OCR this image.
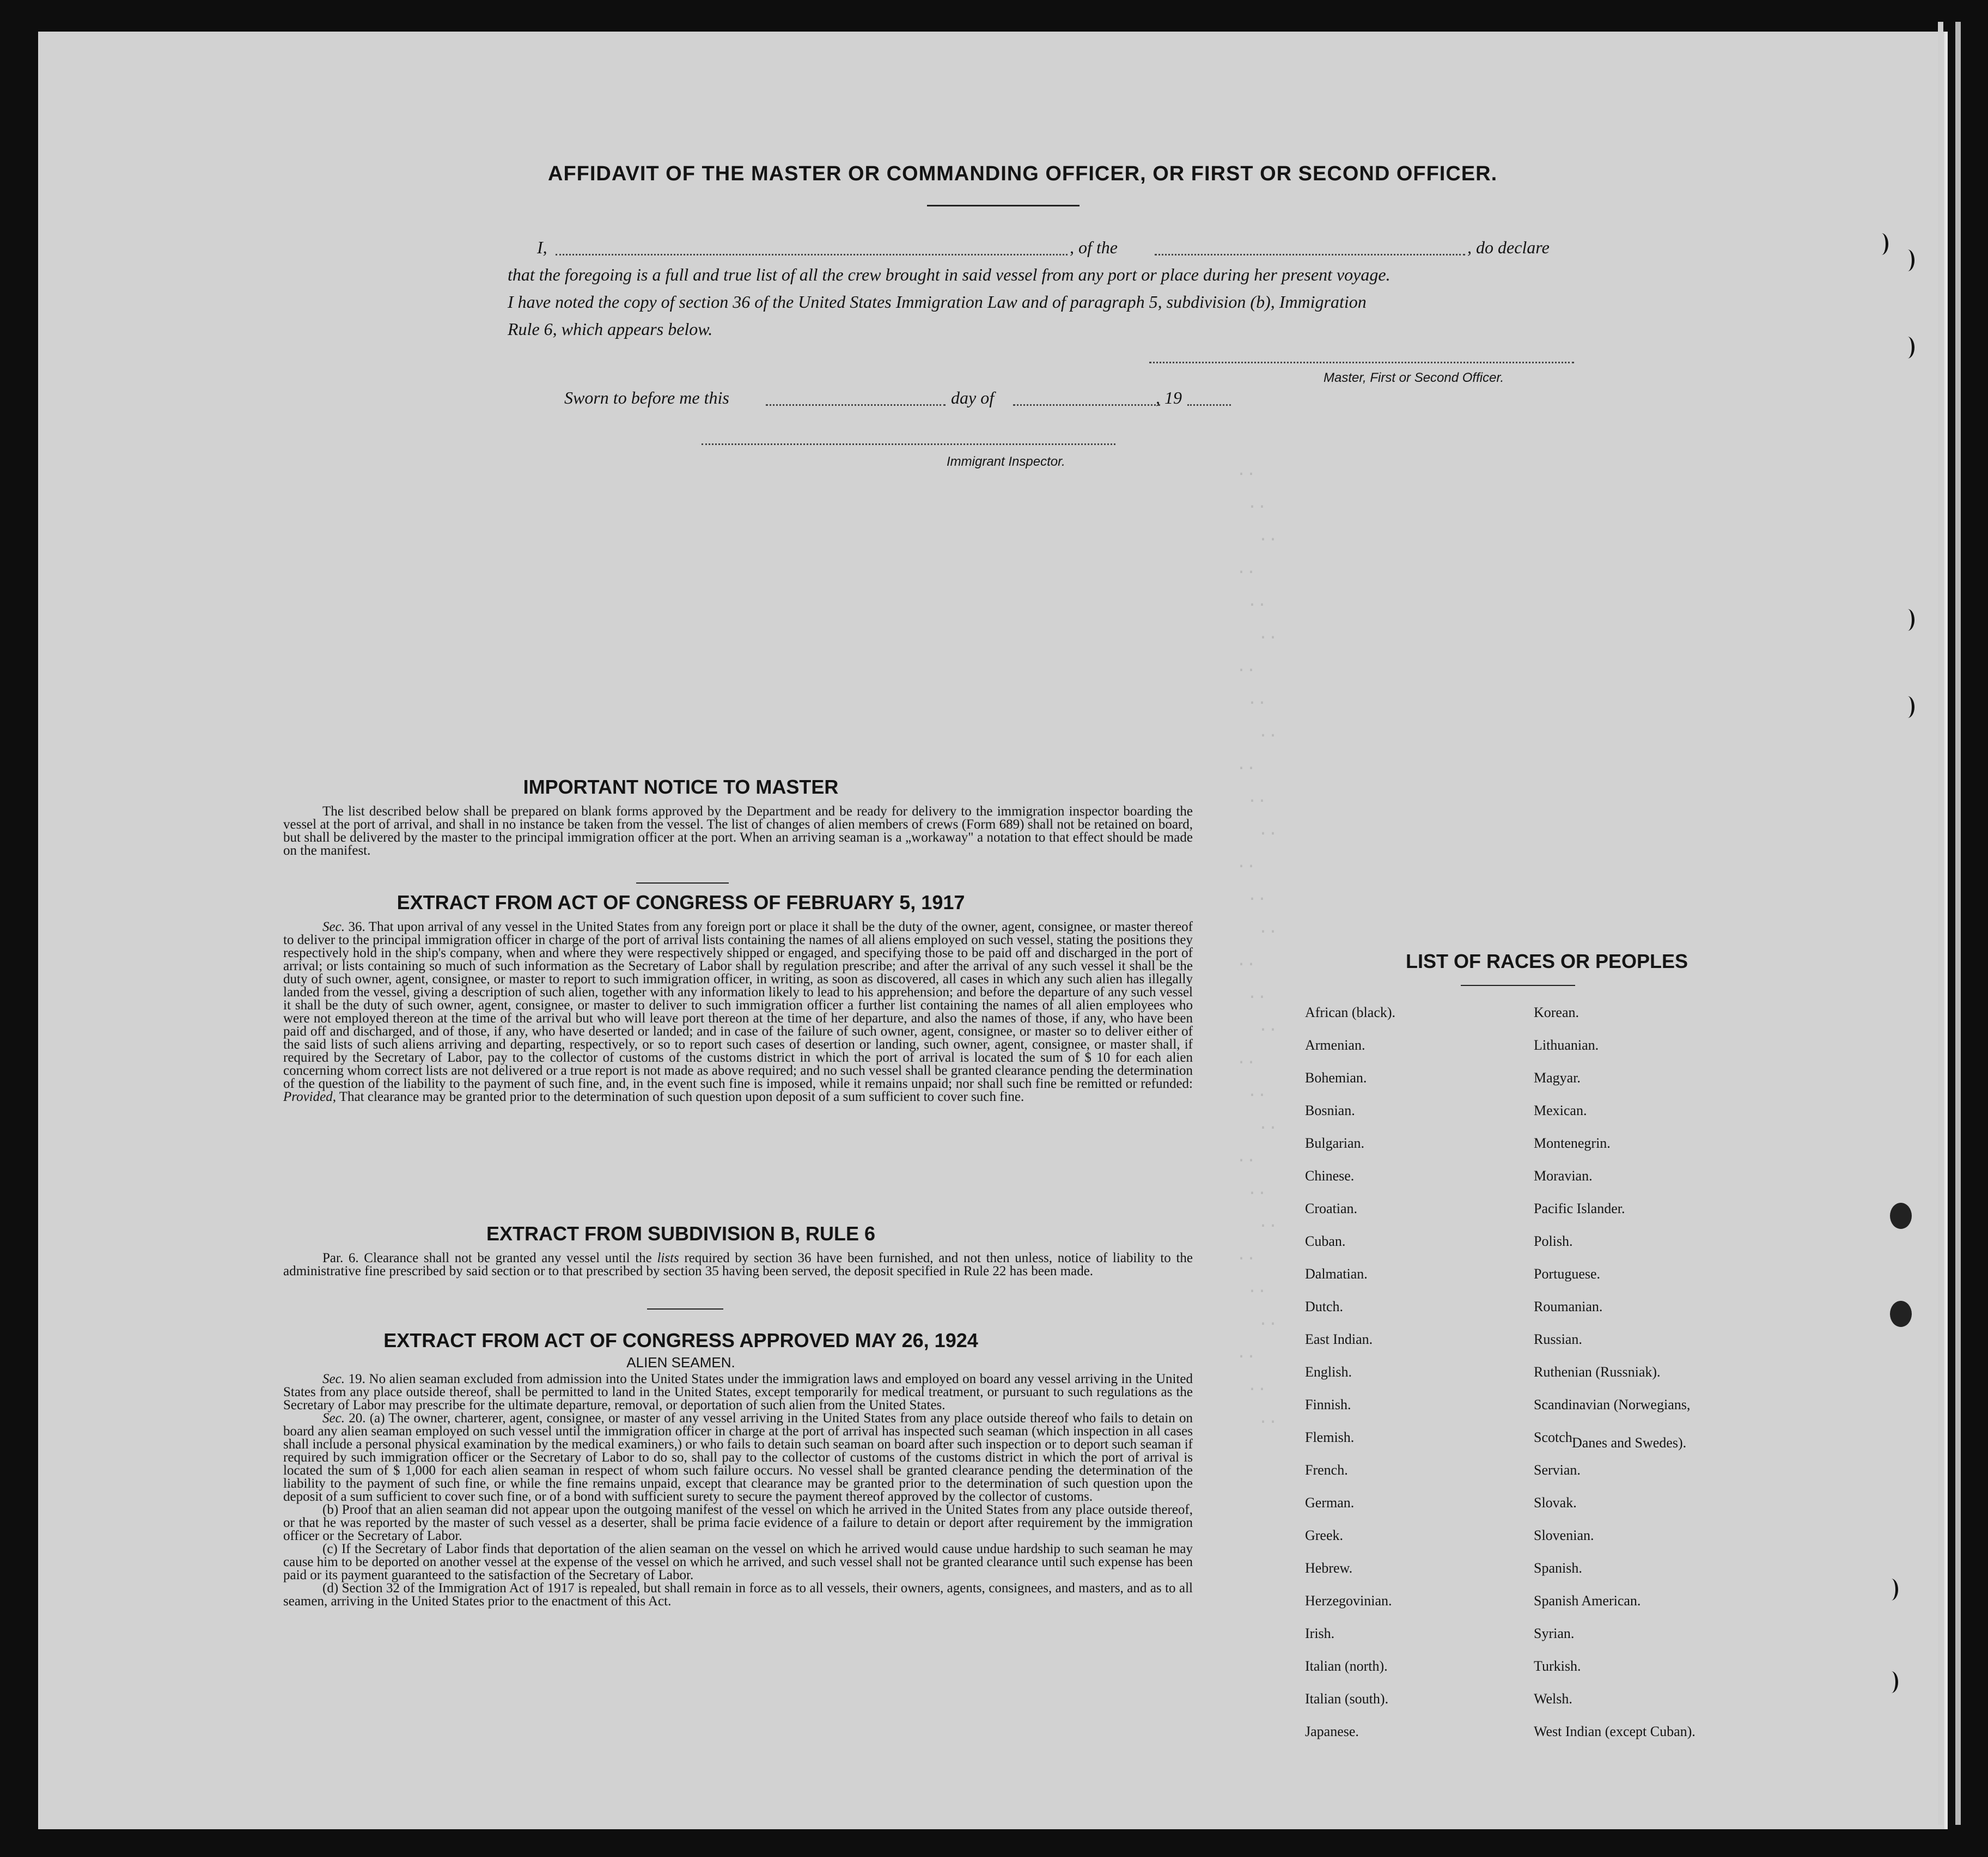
..
..
..
..
..
..
..
..
..
..
..
..
..
..
..
..
..
..
..
..
..
..
..
..
..
..
..
..
..
..
AFFIDAVIT OF THE MASTER OR COMMANDING OFFICER, OR FIRST OR SECOND OFFICER.
I,	, of the	, do declare
that the foregoing is a full and true list of all the crew brought in said vessel from any port or place during her present voyage.
I have noted the copy of section 36 of the United States Immigration Law and of paragraph 5, subdivision (b), Immigration
Rule 6, which appears below.
Master, First or Second Officer.
Sworn to before me this	day of	, 19
Immigrant Inspector.
IMPORTANT NOTICE TO MASTER
The list described below shall be prepared on blank forms approved by the Department and be ready for delivery to the immigration inspector boarding the vessel at the port of arrival, and shall in no instance be taken from the vessel. The list of changes of alien members of crews (Form 689) shall not be retained on board, but shall be delivered by the master to the principal immigration officer at the port. When an arriving seaman is a „workaway" a notation to that effect should be made on the manifest.
EXTRACT FROM ACT OF CONGRESS OF FEBRUARY 5, 1917
Sec. 36. That upon arrival of any vessel in the United States from any foreign port or place it shall be the duty of the owner, agent, consignee, or master thereof to deliver to the principal immigration officer in charge of the port of arrival lists containing the names of all aliens employed on such vessel, stating the positions they respectively hold in the ship's company, when and where they were respectively shipped or engaged, and specifying those to be paid off and discharged in the port of arrival; or lists containing so much of such information as the Secretary of Labor shall by regulation prescribe; and after the arrival of any such vessel it shall be the duty of such owner, agent, consignee, or master to report to such immigration officer, in writing, as soon as discovered, all cases in which any such alien has illegally landed from the vessel, giving a description of such alien, together with any information likely to lead to his apprehension; and before the departure of any such vessel it shall be the duty of such owner, agent, consignee, or master to deliver to such immigration officer a further list containing the names of all alien employees who were not employed thereon at the time of the arrival but who will leave port thereon at the time of her departure, and also the names of those, if any, who have been paid off and discharged, and of those, if any, who have deserted or landed; and in case of the failure of such owner, agent, consignee, or master so to deliver either of the said lists of such aliens arriving and departing, respectively, or so to report such cases of desertion or landing, such owner, agent, consignee, or master shall, if required by the Secretary of Labor, pay to the collector of customs of the customs district in which the port of arrival is located the sum of $ 10 for each alien concerning whom correct lists are not delivered or a true report is not made as above required; and no such vessel shall be granted clearance pending the determination of the question of the liability to the payment of such fine, and, in the event such fine is imposed, while it remains unpaid; nor shall such fine be remitted or refunded: Provided, That clearance may be granted prior to the determination of such question upon deposit of a sum sufficient to cover such fine.
EXTRACT FROM SUBDIVISION B, RULE 6
Par. 6. Clearance shall not be granted any vessel until the lists required by section 36 have been furnished, and not then unless, notice of liability to the administrative fine prescribed by said section or to that prescribed by section 35 having been served, the deposit specified in Rule 22 has been made.
EXTRACT FROM ACT OF CONGRESS APPROVED MAY 26, 1924
ALIEN SEAMEN.
Sec. 19. No alien seaman excluded from admission into the United States under the immigration laws and employed on board any vessel arriving in the United States from any place outside thereof, shall be permitted to land in the United States, except temporarily for medical treatment, or pursuant to such regulations as the Secretary of Labor may prescribe for the ultimate departure, removal, or deportation of such alien from the United States.
Sec. 20. (a) The owner, charterer, agent, consignee, or master of any vessel arriving in the United States from any place outside thereof who fails to detain on board any alien seaman employed on such vessel until the immigration officer in charge at the port of arrival has inspected such seaman (which inspection in all cases shall include a personal physical examination by the medical examiners,) or who fails to detain such seaman on board after such inspection or to deport such seaman if required by such immigration officer or the Secretary of Labor to do so, shall pay to the collector of customs of the customs district in which the port of arrival is located the sum of $ 1,000 for each alien seaman in respect of whom such failure occurs. No vessel shall be granted clearance pending the determination of the liability to the payment of such fine, or while the fine remains unpaid, except that clearance may be granted prior to the determination of such question upon the deposit of a sum sufficient to cover such fine, or of a bond with sufficient surety to secure the payment thereof approved by the collector of customs.
(b) Proof that an alien seaman did not appear upon the outgoing manifest of the vessel on which he arrived in the United States from any place outside thereof, or that he was reported by the master of such vessel as a deserter, shall be prima facie evidence of a failure to detain or deport after requirement by the immigration officer or the Secretary of Labor.
(c) If the Secretary of Labor finds that deportation of the alien seaman on the vessel on which he arrived would cause undue hardship to such seaman he may cause him to be deported on another vessel at the expense of the vessel on which he arrived, and such vessel shall not be granted clearance until such expense has been paid or its payment guaranteed to the satisfaction of the Secretary of Labor.
(d) Section 32 of the Immigration Act of 1917 is repealed, but shall remain in force as to all vessels, their owners, agents, consignees, and masters, and as to all seamen, arriving in the United States prior to the enactment of this Act.
LIST OF RACES OR PEOPLES
African (black).
Armenian.
Bohemian.
Bosnian.
Bulgarian.
Chinese.
Croatian.
Cuban.
Dalmatian.
Dutch.
East Indian.
English.
Finnish.
Flemish.
French.
German.
Greek.
Hebrew.
Herzegovinian.
Irish.
Italian (north).
Italian (south).
Japanese.
Korean.
Lithuanian.
Magyar.
Mexican.
Montenegrin.
Moravian.
Pacific Islander.
Polish.
Portuguese.
Roumanian.
Russian.
Ruthenian (Russniak).
Scandinavian (Norwegians,
Scotch.
Servian.
Slovak.
Slovenian.
Spanish.
Spanish American.
Syrian.
Turkish.
Welsh.
West Indian (except Cuban).
Danes and Swedes).
